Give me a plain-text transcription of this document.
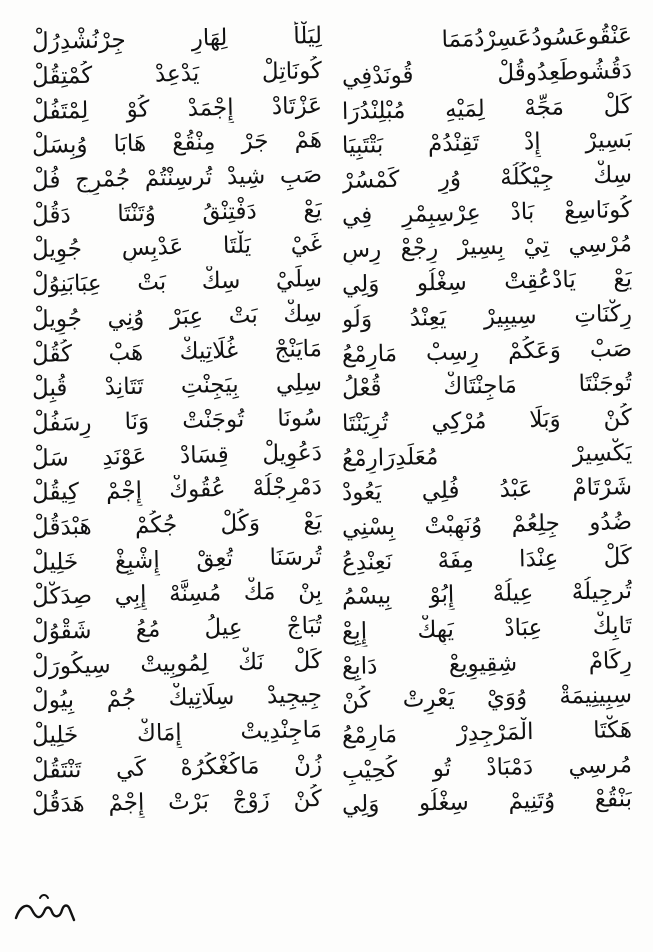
عَنْقُوعَسُودُعَسِرْدُمَمَا
لِيَلْأَ لِهَارِ جِرْنُشْدِرُلْ
دَقُشُوطَعِدُوقُلْ قُونَدْفِي
كُونَاتِلْ يَدْعِدْ كُمْتِقُلْ
كَلْ مَجِّهْ لِمَيْهِ مُبْلِنْدُرَا
عَزْتَادْ إِجْمَدْ كُوْ لِمْتَفُلْ
بَسِيرْ إِدْ تَقِنْدُمْ بَتْتَبِيَا
هَمْ جَرْ مِنْقُعْ هَابَا وُبِسَلْ
سِكْ جِيْكُلُهْ وُرِ كَمْسُرْ
صَبِ شِيدْ تُرسِنْتُمْ جُمْرِجِ فُلْ
كُونَاسِعْ بَادْ عِرْسِبِمْرِ فِي
يَعْ دَفْتِنْقُ وُتَنْتَا دَقُلْ
مُرْسِي تِيْ بِسِيرْ رِجْعْ رِسِ
غَيْ يَلْتَا عَدْبِسِ جُوِيلْ
يَعْ يَادْعُقِتْ سِغْلُو وَلِي
سِلِّيْ سِكْ بَتْ عِبَابَنِوُلْ
رِكْنَاتِ سِيبِيرْ يَعِنْدُ وَلُو
سِكْ بَتْ عِبَرْ وُنِي جُوِيلْ
صَبْ وَعَكُمْ رِسِبْ مَارِمْعُ
مَايَنْجْ غُلَاتِيكْ هَبْ كُقُلْ
تُوجَنْتَا مَاجِنْتَاكْ قُعْلُ
سِلِي بِيَجِنْتِ تَتَانِدْ قُبِلْ
كُنْ وَبَلَا مُرْكِي تُرِيَنْتَا
سُونَا تُوجَنْتْ وَنَا رِسَفُلْ
يَكْسِيرْ مُعَلِّدِرَارِمْعُ
دَعُوِيلْ قِسَادْ عَوْنَدِ سَلْ
شَرْتَامْ عَبْدُ فُلِي يَعُودْ
دَمْرِجْلُهْ عُقُوكْ إِجْمْ كِيقُلْ
ضُدُو جِلِعُمْ وُنَهِبْتْ بِسْنِي
يَعْ وَكُلْ جُكُمْ هَبْدَقُلْ
كَلْ عِنْدَا مِفَهْ نَعِنْدِعُ
تُرسَنَا تُعِقْ إِشْبِغْ خَلِيلْ
تُرجِيلُهْ عِيلُهْ إِبُوْ بِيسْمُ
بِنْ مَكْ مُسِنَّهْ إِبِي صِدَكْلْ
تَابِكْ عِبَادْ يَهِكْ إِبِعْ
تُبَاجْ عِيلُ مُعُ شَقْوُلْ
رِكَامْ شِقِيوِيعْ دَابِعْ
كَلْ نَكْ لِمُوبِيتْ سِيكُورَلْ
سِبِينِيمَةْ وُوَيْ يَعْرِتْ كُنْ
جِيجِيدْ سِلَاتِيكْ جُمْ بِيُولْ
هَكْتَا الْمَرْجِدِرْ مَارِمْعُ
مَاجِنْدِيتْ إِمَاكْ خَلِيلْ
مُرسِي دَمْبَادْ تُو كُحِيْبِ
زُنْ مَاكُغْكُرُهْ كَي تَنْتَقُلْ
بَنْقُعْ وُتَنِيمْ سِغْلُو وَلِي
كُنْ زَوْجْ بَرْتْ إِجْمْ هَدَقُلْ
